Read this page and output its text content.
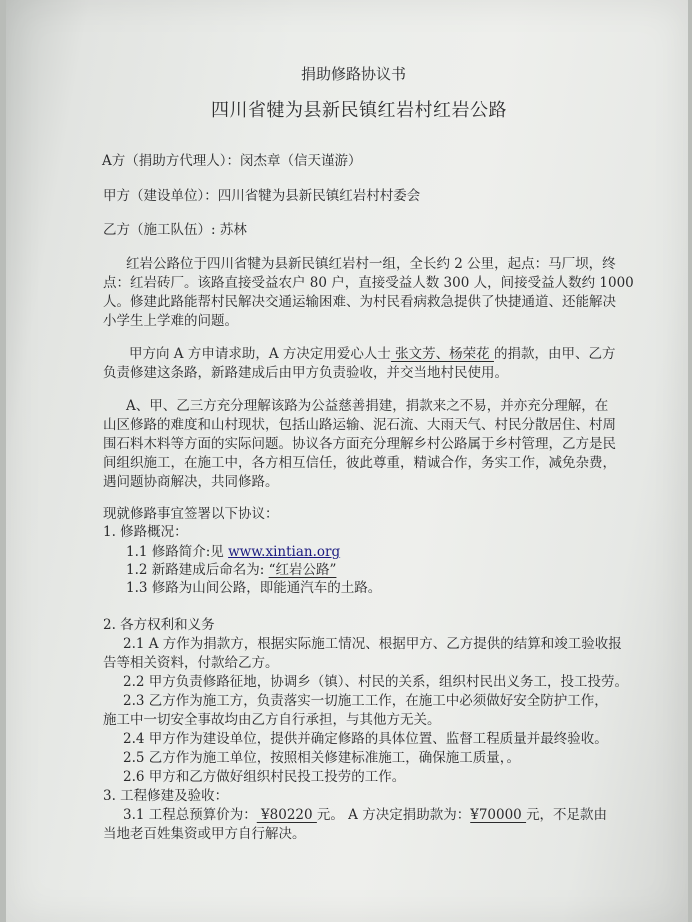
捐助修路协议书
四川省犍为县新民镇红岩村红岩公路
A方（捐助方代理人）：闵杰章（信天谨游）
甲方（建设单位）：四川省犍为县新民镇红岩村村委会
乙方（施工队伍）: 苏林
红岩公路位于四川省犍为县新民镇红岩村一组，全长约 2 公里，起点：马厂坝，终
点：红岩砖厂。该路直接受益农户 80 户，直接受益人数 300 人，间接受益人数约 1000
人。修建此路能帮村民解决交通运输困难、为村民看病救急提供了快捷通道、还能解决
小学生上学难的问题。
甲方向 A 方申请求助，A 方决定用爱心人士 张文芳、杨荣花 的捐款，由甲、乙方
负责修建这条路，新路建成后由甲方负责验收，并交当地村民使用。
A、甲、乙三方充分理解该路为公益慈善捐建，捐款来之不易，并亦充分理解，在
山区修路的难度和山村现状，包括山路运输、泥石流、大雨天气、村民分散居住、村周
围石料木料等方面的实际问题。协议各方面充分理解乡村公路属于乡村管理，乙方是民
间组织施工，在施工中，各方相互信任，彼此尊重，精诚合作，务实工作，减免杂费，
遇问题协商解决，共同修路。
现就修路事宜签署以下协议：
1. 修路概况：
1.1 修路简介:见 www.xintian.org
1.2 新路建成后命名为: “红岩公路”
1.3 修路为山间公路，即能通汽车的土路。
2. 各方权利和义务
2.1 A 方作为捐款方，根据实际施工情况、根据甲方、乙方提供的结算和竣工验收报
告等相关资料，付款给乙方。
2.2 甲方负责修路征地，协调乡（镇）、村民的关系，组织村民出义务工，投工投劳。
2.3 乙方作为施工方，负责落实一切施工工作，在施工中必须做好安全防护工作，
施工中一切安全事故均由乙方自行承担，与其他方无关。
2.4 甲方作为建设单位，提供并确定修路的具体位置、监督工程质量并最终验收。
2.5 乙方作为施工单位，按照相关修建标准施工，确保施工质量，。
2.6 甲方和乙方做好组织村民投工投劳的工作。
3. 工程修建及验收：
3.1 工程总预算价为： ¥80220 元。 A 方决定捐助款为：¥70000 元，不足款由
当地老百姓集资或甲方自行解决。
